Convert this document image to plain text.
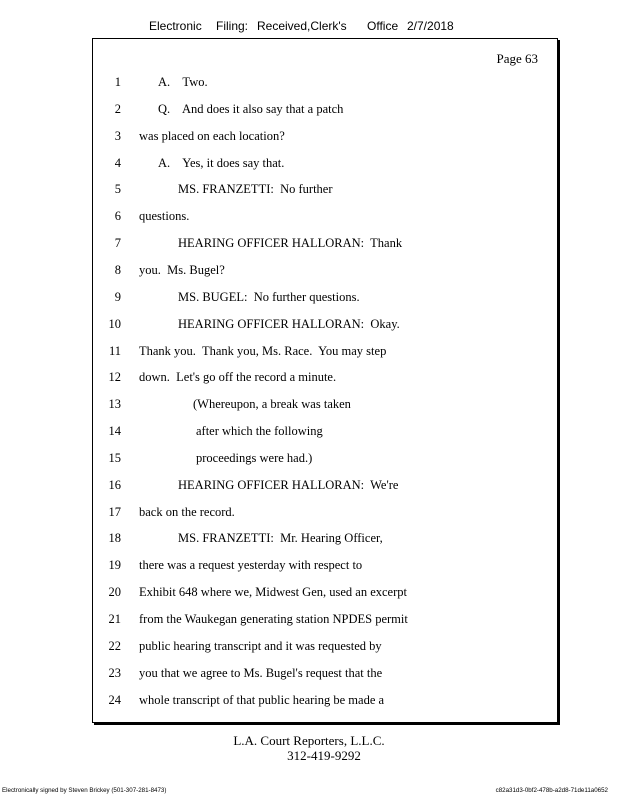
Electronic Filing: Received,Clerk's Office 2/7/2018
Page 63
1	A.    Two.
2	Q.    And does it also say that a patch
3 was placed on each location?
4	A.    Yes, it does say that.
5	MS. FRANZETTI:  No further
6 questions.
7	HEARING OFFICER HALLORAN:  Thank
8 you.  Ms. Bugel?
9	MS. BUGEL:  No further questions.
10	HEARING OFFICER HALLORAN:  Okay.
11 Thank you.  Thank you, Ms. Race.  You may step
12 down.  Let's go off the record a minute.
13	(Whereupon, a break was taken
14	after which the following
15	proceedings were had.)
16	HEARING OFFICER HALLORAN:  We're
17 back on the record.
18	MS. FRANZETTI:  Mr. Hearing Officer,
19 there was a request yesterday with respect to
20 Exhibit 648 where we, Midwest Gen, used an excerpt
21 from the Waukegan generating station NPDES permit
22 public hearing transcript and it was requested by
23 you that we agree to Ms. Bugel's request that the
24 whole transcript of that public hearing be made a
L.A. Court Reporters, L.L.C.
312-419-9292
Electronically signed by Steven Brickey (501-307-281-8473)	c82a31d3-0bf2-478b-a2d8-71de11a0652
